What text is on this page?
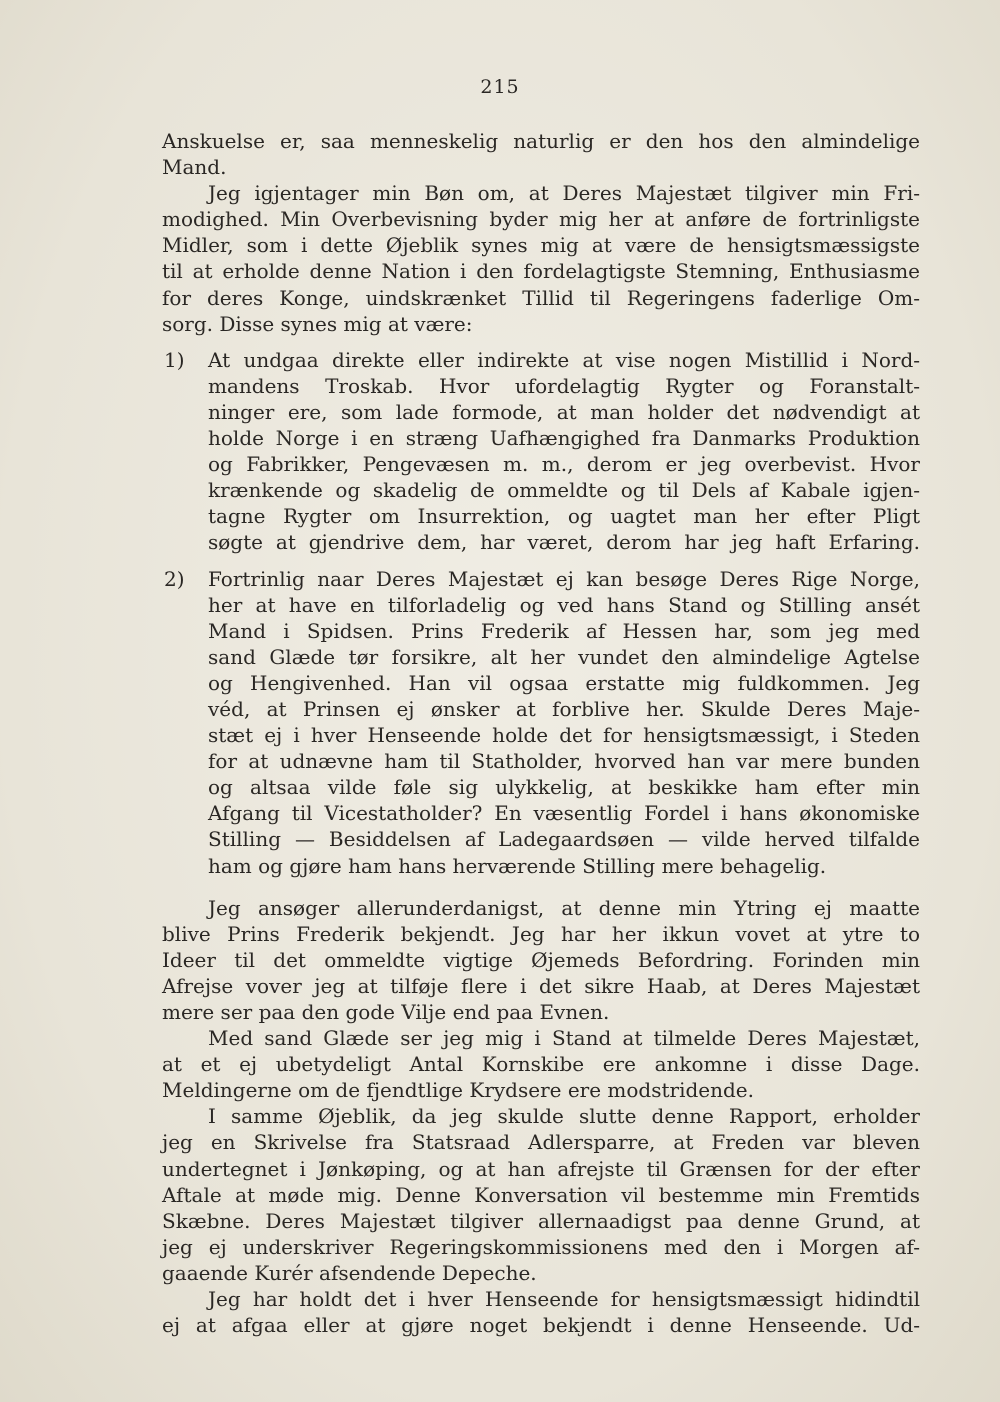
215
Anskuelse er, saa menneskelig naturlig er den hos den almindelige
Mand.
Jeg igjentager min Bøn om, at Deres Majestæt tilgiver min Fri-
modighed. Min Overbevisning byder mig her at anføre de fortrinligste
Midler, som i dette Øjeblik synes mig at være de hensigtsmæssigste
til at erholde denne Nation i den fordelagtigste Stemning, Enthusiasme
for deres Konge, uindskrænket Tillid til Regeringens faderlige Om-
sorg. Disse synes mig at være:
1) At undgaa direkte eller indirekte at vise nogen Mistillid i Nord-
mandens Troskab. Hvor ufordelagtig Rygter og Foranstalt-
ninger ere, som lade formode, at man holder det nødvendigt at
holde Norge i en stræng Uafhængighed fra Danmarks Produktion
og Fabrikker, Pengevæsen m. m., derom er jeg overbevist. Hvor
krænkende og skadelig de ommeldte og til Dels af Kabale igjen-
tagne Rygter om Insurrektion, og uagtet man her efter Pligt
søgte at gjendrive dem, har været, derom har jeg haft Erfaring.
2) Fortrinlig naar Deres Majestæt ej kan besøge Deres Rige Norge,
her at have en tilforladelig og ved hans Stand og Stilling ansét
Mand i Spidsen. Prins Frederik af Hessen har, som jeg med
sand Glæde tør forsikre, alt her vundet den almindelige Agtelse
og Hengivenhed. Han vil ogsaa erstatte mig fuldkommen. Jeg
véd, at Prinsen ej ønsker at forblive her. Skulde Deres Maje-
stæt ej i hver Henseende holde det for hensigtsmæssigt, i Steden
for at udnævne ham til Statholder, hvorved han var mere bunden
og altsaa vilde føle sig ulykkelig, at beskikke ham efter min
Afgang til Vicestatholder? En væsentlig Fordel i hans økonomiske
Stilling — Besiddelsen af Ladegaardsøen — vilde herved tilfalde
ham og gjøre ham hans herværende Stilling mere behagelig.
Jeg ansøger allerunderdanigst, at denne min Ytring ej maatte
blive Prins Frederik bekjendt. Jeg har her ikkun vovet at ytre to
Ideer til det ommeldte vigtige Øjemeds Befordring. Forinden min
Afrejse vover jeg at tilføje flere i det sikre Haab, at Deres Majestæt
mere ser paa den gode Vilje end paa Evnen.
Med sand Glæde ser jeg mig i Stand at tilmelde Deres Majestæt,
at et ej ubetydeligt Antal Kornskibe ere ankomne i disse Dage.
Meldingerne om de fjendtlige Krydsere ere modstridende.
I samme Øjeblik, da jeg skulde slutte denne Rapport, erholder
jeg en Skrivelse fra Statsraad Adlersparre, at Freden var bleven
undertegnet i Jønkøping, og at han afrejste til Grænsen for der efter
Aftale at møde mig. Denne Konversation vil bestemme min Fremtids
Skæbne. Deres Majestæt tilgiver allernaadigst paa denne Grund, at
jeg ej underskriver Regeringskommissionens med den i Morgen af-
gaaende Kurér afsendende Depeche.
Jeg har holdt det i hver Henseende for hensigtsmæssigt hidindtil
ej at afgaa eller at gjøre noget bekjendt i denne Henseende. Ud-
